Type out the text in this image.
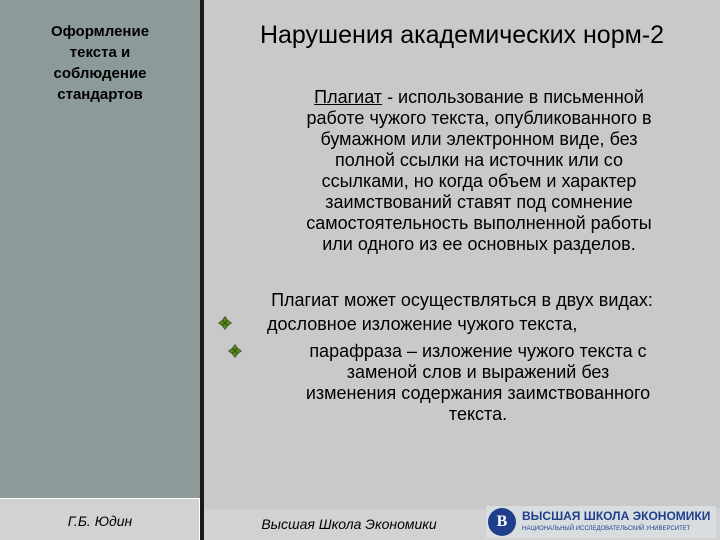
Оформление
текста и
соблюдение
стандартов
Г.Б. Юдин
Нарушения академических норм-2
Плагиат - использование в письменной
работе чужого текста, опубликованного в
бумажном или электронном виде, без
полной ссылки на источник или со
ссылками, но когда объем и характер
заимствований ставят под сомнение
самостоятельность выполненной работы
или одного из ее основных разделов.
Плагиат может осуществляться в двух видах:
дословное изложение чужого текста,
парафраза – изложение чужого текста с
заменой слов и выражений без
изменения содержания заимствованного
текста.
Высшая Школа Экономики	В	ВЫСШАЯ ШКОЛА ЭКОНОМИКИ
НАЦИОНАЛЬНЫЙ ИССЛЕДОВАТЕЛЬСКИЙ УНИВЕРСИТЕТ
